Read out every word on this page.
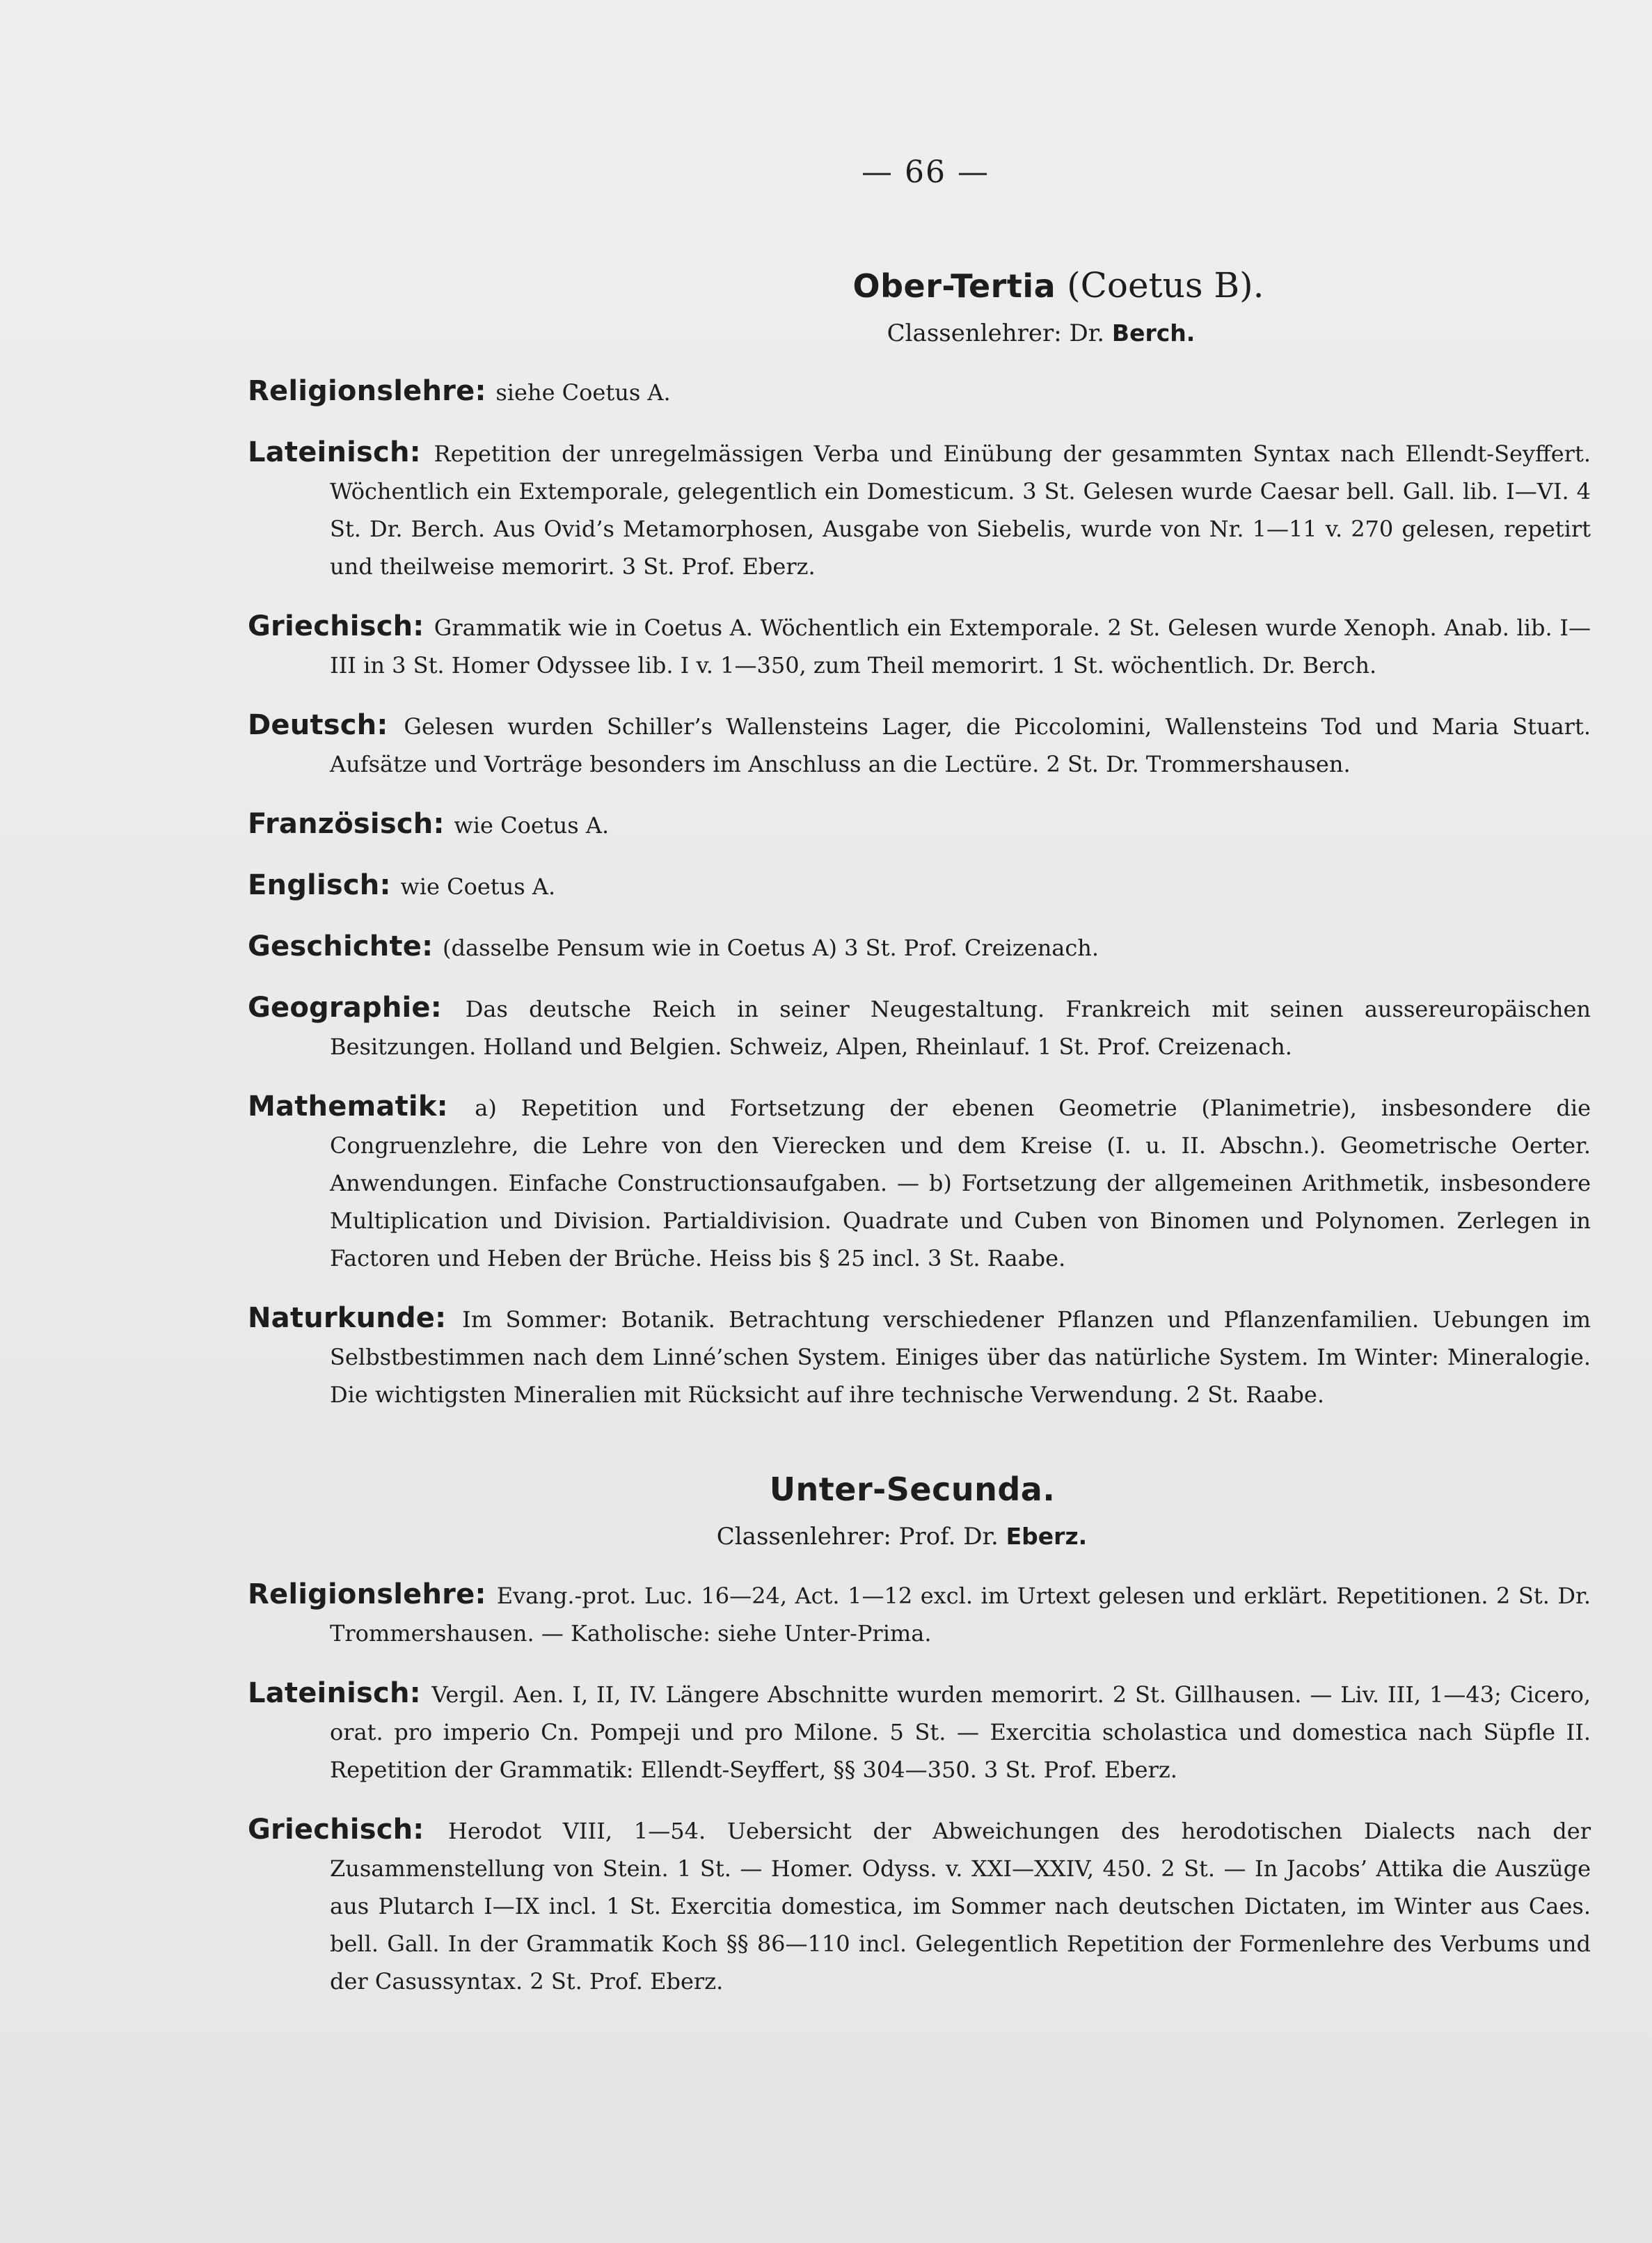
— 66 —
Ober-Tertia (Coetus B).
Classenlehrer: Dr. Berch.

Religionslehre: siehe Coetus A.

Lateinisch: Repetition der unregelmässigen Verba und Einübung der gesammten Syntax nach Ellendt-Seyffert. Wöchentlich ein Extemporale, gelegentlich ein Domesticum. 3 St. Gelesen wurde Caesar bell. Gall. lib. I—VI. 4 St. Dr. Berch. Aus Ovid’s Metamorphosen, Ausgabe von Siebelis, wurde von Nr. 1—11 v. 270 gelesen, repetirt und theilweise memorirt. 3 St. Prof. Eberz.

Griechisch: Grammatik wie in Coetus A. Wöchentlich ein Extemporale. 2 St. Gelesen wurde Xenoph. Anab. lib. I—III in 3 St. Homer Odyssee lib. I v. 1—350, zum Theil memorirt. 1 St. wöchentlich. Dr. Berch.

Deutsch: Gelesen wurden Schiller’s Wallensteins Lager, die Piccolomini, Wallensteins Tod und Maria Stuart. Aufsätze und Vorträge besonders im Anschluss an die Lectüre. 2 St. Dr. Trommershausen.

Französisch: wie Coetus A.

Englisch: wie Coetus A.

Geschichte: (dasselbe Pensum wie in Coetus A) 3 St. Prof. Creizenach.

Geographie: Das deutsche Reich in seiner Neugestaltung. Frankreich mit seinen aussereuropäischen Besitzungen. Holland und Belgien. Schweiz, Alpen, Rheinlauf. 1 St. Prof. Creizenach.

Mathematik: a) Repetition und Fortsetzung der ebenen Geometrie (Planimetrie), insbesondere die Congruenzlehre, die Lehre von den Vierecken und dem Kreise (I. u. II. Abschn.). Geometrische Oerter. Anwendungen. Einfache Constructionsaufgaben. — b) Fortsetzung der allgemeinen Arithmetik, insbesondere Multiplication und Division. Partialdivision. Quadrate und Cuben von Binomen und Polynomen. Zerlegen in Factoren und Heben der Brüche. Heiss bis § 25 incl. 3 St. Raabe.

Naturkunde: Im Sommer: Botanik. Betrachtung verschiedener Pflanzen und Pflanzenfamilien. Uebungen im Selbstbestimmen nach dem Linné’schen System. Einiges über das natürliche System. Im Winter: Mineralogie. Die wichtigsten Mineralien mit Rücksicht auf ihre technische Verwendung. 2 St. Raabe.

Unter-Secunda.
Classenlehrer: Prof. Dr. Eberz.

Religionslehre: Evang.-prot. Luc. 16—24, Act. 1—12 excl. im Urtext gelesen und erklärt. Repetitionen. 2 St. Dr. Trommershausen. — Katholische: siehe Unter-Prima.

Lateinisch: Vergil. Aen. I, II, IV. Längere Abschnitte wurden memorirt. 2 St. Gillhausen. — Liv. III, 1—43; Cicero, orat. pro imperio Cn. Pompeji und pro Milone. 5 St. — Exercitia scholastica und domestica nach Süpfle II. Repetition der Grammatik: Ellendt-Seyffert, §§ 304—350. 3 St. Prof. Eberz.

Griechisch: Herodot VIII, 1—54. Uebersicht der Abweichungen des herodotischen Dialects nach der Zusammenstellung von Stein. 1 St. — Homer. Odyss. v. XXI—XXIV, 450. 2 St. — In Jacobs’ Attika die Auszüge aus Plutarch I—IX incl. 1 St. Exercitia domestica, im Sommer nach deutschen Dictaten, im Winter aus Caes. bell. Gall. In der Grammatik Koch §§ 86—110 incl. Gelegentlich Repetition der Formenlehre des Verbums und der Casussyntax. 2 St. Prof. Eberz.
